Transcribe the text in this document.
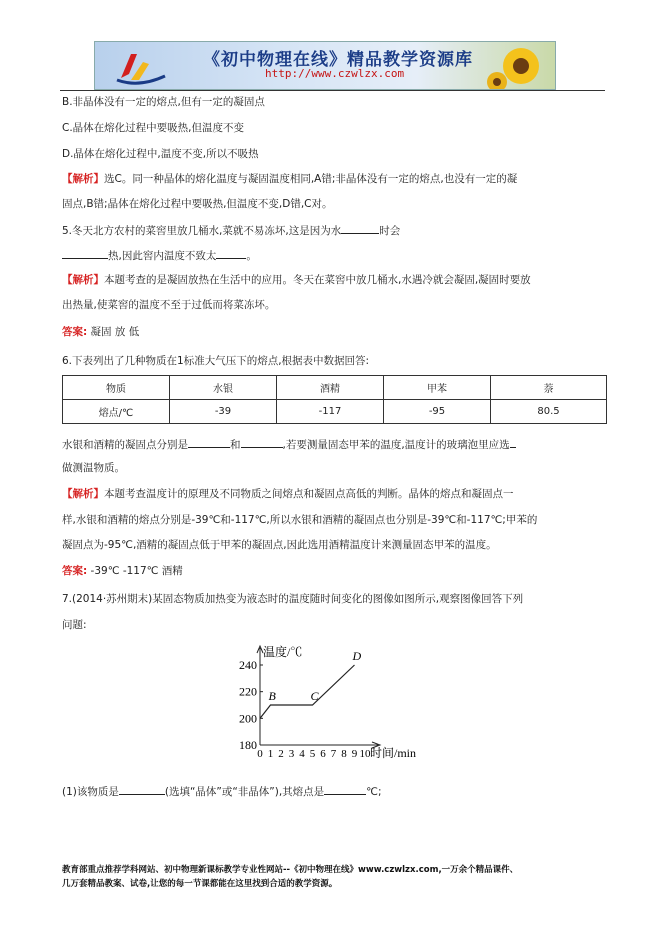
《初中物理在线》精品教学资源库
http://www.czwlzx.com
B.非晶体没有一定的熔点,但有一定的凝固点
C.晶体在熔化过程中要吸热,但温度不变
D.晶体在熔化过程中,温度不变,所以不吸热
【解析】选C。同一种晶体的熔化温度与凝固温度相同,A错;非晶体没有一定的熔点,也没有一定的凝
固点,B错;晶体在熔化过程中要吸热,但温度不变,D错,C对。
5.冬天北方农村的菜窖里放几桶水,菜就不易冻坏,这是因为水	时会
热,因此窖内温度不致太	。
【解析】本题考查的是凝固放热在生活中的应用。冬天在菜窖中放几桶水,水遇冷就会凝固,凝固时要放
出热量,使菜窖的温度不至于过低而将菜冻坏。
答案: 凝固 放 低
6.下表列出了几种物质在1标准大气压下的熔点,根据表中数据回答:
物质	水银	酒精	甲苯	萘
熔点/℃	-39	-117	-95	80.5
水银和酒精的凝固点分别是	和	,若要测量固态甲苯的温度,温度计的玻璃泡里应选
做测温物质。
【解析】本题考查温度计的原理及不同物质之间熔点和凝固点高低的判断。晶体的熔点和凝固点一
样,水银和酒精的熔点分别是-39℃和-117℃,所以水银和酒精的凝固点也分别是-39℃和-117℃;甲苯的
凝固点为-95℃,酒精的凝固点低于甲苯的凝固点,因此选用酒精温度计来测量固态甲苯的温度。
答案: -39℃ -117℃ 酒精
7.(2014·苏州期末)某固态物质加热变为液态时的温度随时间变化的图像如图所示,观察图像回答下列
问题:
180
200
220
240
0 1 2 3 4 5 6 7 8 9 10
温度/℃
时间/min
B	C
D
(1)该物质是	(选填“晶体”或“非晶体”),其熔点是	℃;
教育部重点推荐学科网站、初中物理新课标教学专业性网站--《初中物理在线》www.czwlzx.com,一万余个精品课件、
几万套精品教案、试卷,让您的每一节课都能在这里找到合适的教学资源。
